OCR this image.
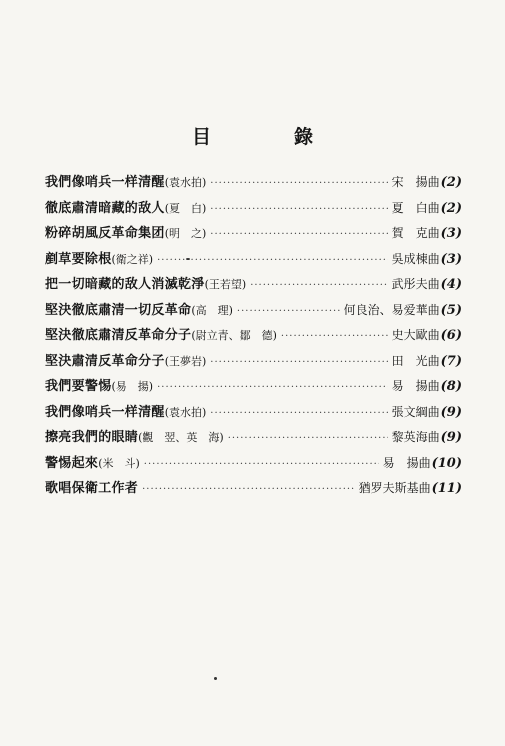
目　錄
我們像哨兵一样清醒 (袁水拍) ·····	宋　揚曲 (2)
徹底肅清暗藏的敌人 (夏　白) ·····	夏　白曲 (2)
粉碎胡風反革命集团 (明　之) ·····	賀　克曲 (3)
剷草要除根 (衛之祥) ·····	吳成棟曲 (3)
把一切暗藏的敌人消滅乾淨 (王若望) ·····	武彤夫曲 (4)
堅決徹底肅清一切反革命 (高　理) ·····	何良治、易爱華曲 (5)
堅決徹底肅清反革命分子 (尉立青、鄒　德) ·····	史大歐曲 (6)
堅決肅清反革命分子 (王夢岩) ·····	田　光曲 (7)
我們要警惕 (易　揚) ·····	易　揚曲 (8)
我們像哨兵一样清醒 (袁水拍) ·····	張文綱曲 (9)
擦亮我們的眼睛 (觀　翌、英　海) ·····	黎英海曲 (9)
警惕起來 (米　斗) ·····	易　揚曲 (10)
歌唱保衛工作者 ·····	猶罗夫斯基曲 (11)
